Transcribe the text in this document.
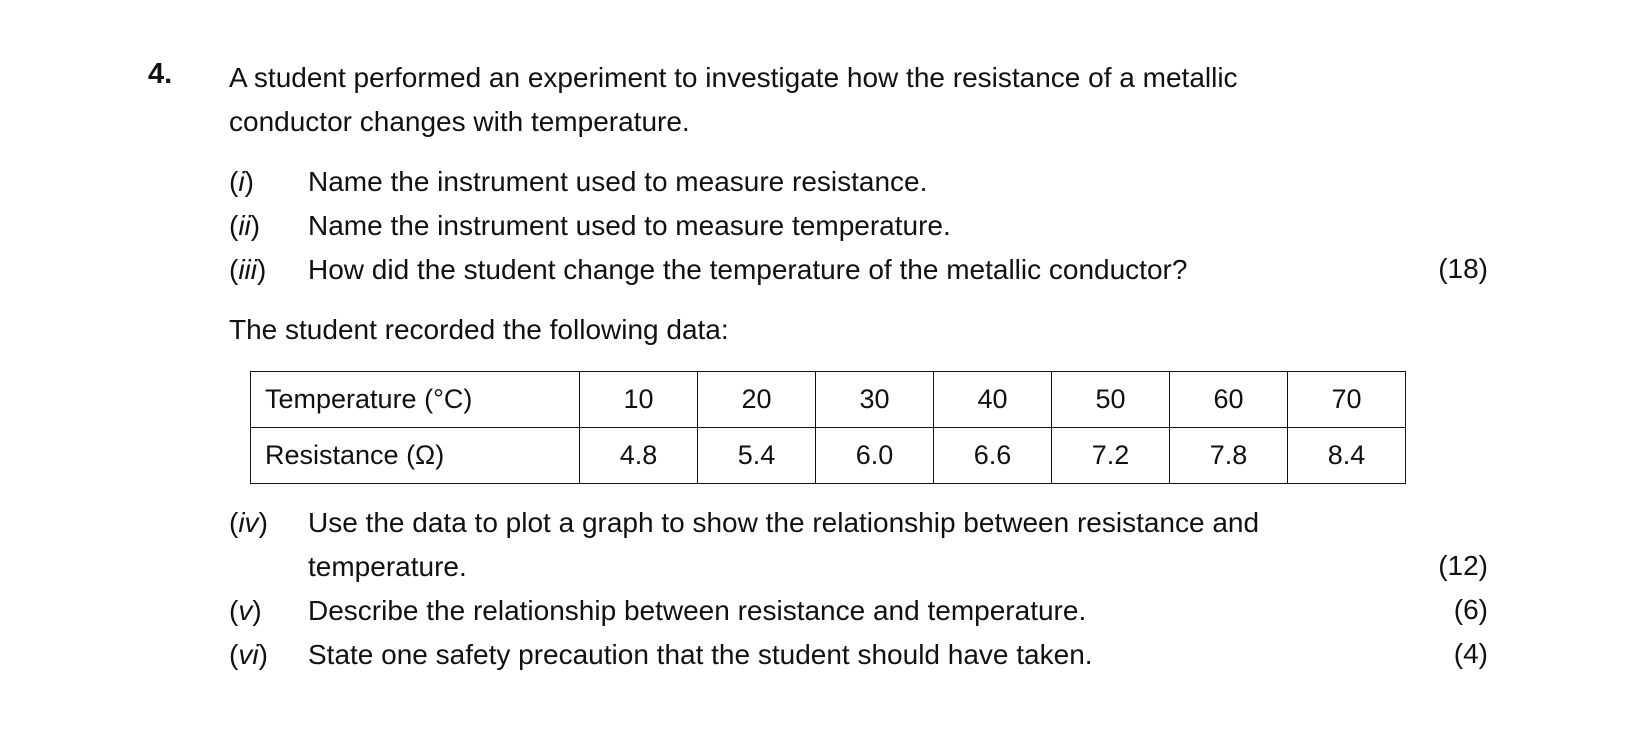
4. A student performed an experiment to investigate how the resistance of a metallic
conductor changes with temperature.
(i) Name the instrument used to measure resistance.
(ii) Name the instrument used to measure temperature.
(iii) How did the student change the temperature of the metallic conductor?	(18)
The student recorded the following data:
Temperature (°C)	10	20	30	40	50	60	70
Resistance (Ω)	4.8	5.4	6.0	6.6	7.2	7.8	8.4
(iv) Use the data to plot a graph to show the relationship between resistance and
temperature.	(12)
(v) Describe the relationship between resistance and temperature.	(6)
(vi) State one safety precaution that the student should have taken.	(4)
